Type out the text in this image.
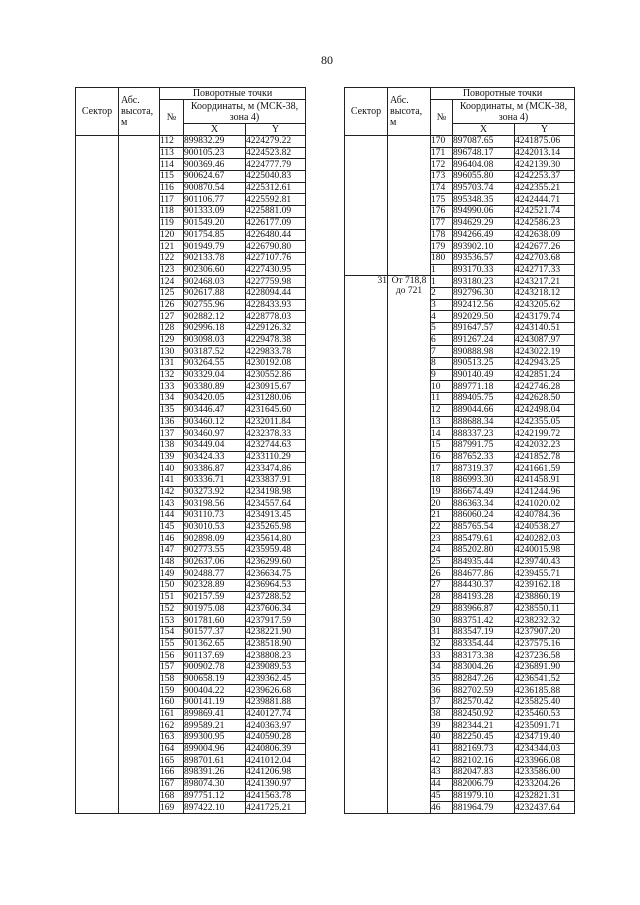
80
Сектор	Абс. высота, м	Поворотные точки		
		№	Координаты, м (МСК-38, зона 4)	
			X	Y
		112	899832.29	4224279.22
		113	900105.23	4224523.82
		114	900369.46	4224777.79
		115	900624.67	4225040.83
		116	900870.54	4225312.61
		117	901106.77	4225592.81
		118	901333.09	4225881.09
		119	901549.20	4226177.09
		120	901754.85	4226480.44
		121	901949.79	4226790.80
		122	902133.78	4227107.76
		123	902306.60	4227430.95
		124	902468.03	4227759.98
		125	902617.88	4228094.44
		126	902755.96	4228433.93
		127	902882.12	4228778.03
		128	902996.18	4229126.32
		129	903098.03	4229478.38
		130	903187.52	4229833.78
		131	903264.55	4230192.08
		132	903329.04	4230552.86
		133	903380.89	4230915.67
		134	903420.05	4231280.06
		135	903446.47	4231645.60
		136	903460.12	4232011.84
		137	903460.97	4232378.33
		138	903449.04	4232744.63
		139	903424.33	4233110.29
		140	903386.87	4233474.86
		141	903336.71	4233837.91
		142	903273.92	4234198.98
		143	903198.56	4234557.64
		144	903110.73	4234913.45
		145	903010.53	4235265.98
		146	902898.09	4235614.80
		147	902773.55	4235959.48
		148	902637.06	4236299.60
		149	902488.77	4236634.75
		150	902328.89	4236964.53
		151	902157.59	4237288.52
		152	901975.08	4237606.34
		153	901781.60	4237917.59
		154	901577.37	4238221.90
		155	901362.65	4238518.90
		156	901137.69	4238808.23
		157	900902.78	4239089.53
		158	900658.19	4239362.45
		159	900404.22	4239626.68
		160	900141.19	4239881.88
		161	899869.41	4240127.74
		162	899589.21	4240363.97
		163	899300.95	4240590.28
		164	899004.96	4240806.39
		165	898701.61	4241012.04
		166	898391.26	4241206.98
		167	898074.30	4241390.97
		168	897751.12	4241563.78
		169	897422.10	4241725.21
Сектор	Абс. высота, м	Поворотные точки		
		№	Координаты, м (МСК-38, зона 4)	
			X	Y
		170	897087.65	4241875.06
		171	896748.17	4242013.14
		172	896404.08	4242139.30
		173	896055.80	4242253.37
		174	895703.74	4242355.21
		175	895348.35	4242444.71
		176	894990.06	4242521.74
		177	894629.29	4242586.23
		178	894266.49	4242638.09
		179	893902.10	4242677.26
		180	893536.57	4242703.68
		1	893170.33	4242717.33
31	От 718,8 до 721	1	893180.23	4243217.21
		2	892796.30	4243218.12
		3	892412.56	4243205.62
		4	892029.50	4243179.74
		5	891647.57	4243140.51
		6	891267.24	4243087.97
		7	890888.98	4243022.19
		8	890513.25	4242943.25
		9	890140.49	4242851.24
		10	889771.18	4242746.28
		11	889405.75	4242628.50
		12	889044.66	4242498.04
		13	888688.34	4242355.05
		14	888337.23	4242199.72
		15	887991.75	4242032.23
		16	887652.33	4241852.78
		17	887319.37	4241661.59
		18	886993.30	4241458.91
		19	886674.49	4241244.96
		20	886363.34	4241020.02
		21	886060.24	4240784.36
		22	885765.54	4240538.27
		23	885479.61	4240282.03
		24	885202.80	4240015.98
		25	884935.44	4239740.43
		26	884677.86	4239455.71
		27	884430.37	4239162.18
		28	884193.28	4238860.19
		29	883966.87	4238550.11
		30	883751.42	4238232.32
		31	883547.19	4237907.20
		32	883354.44	4237575.16
		33	883173.38	4237236.58
		34	883004.26	4236891.90
		35	882847.26	4236541.52
		36	882702.59	4236185.88
		37	882570.42	4235825.40
		38	882450.92	4235460.53
		39	882344.21	4235091.71
		40	882250.45	4234719.40
		41	882169.73	4234344.03
		42	882102.16	4233966.08
		43	882047.83	4233586.00
		44	882006.79	4233204.26
		45	881979.10	4232821.31
		46	881964.79	4232437.64
